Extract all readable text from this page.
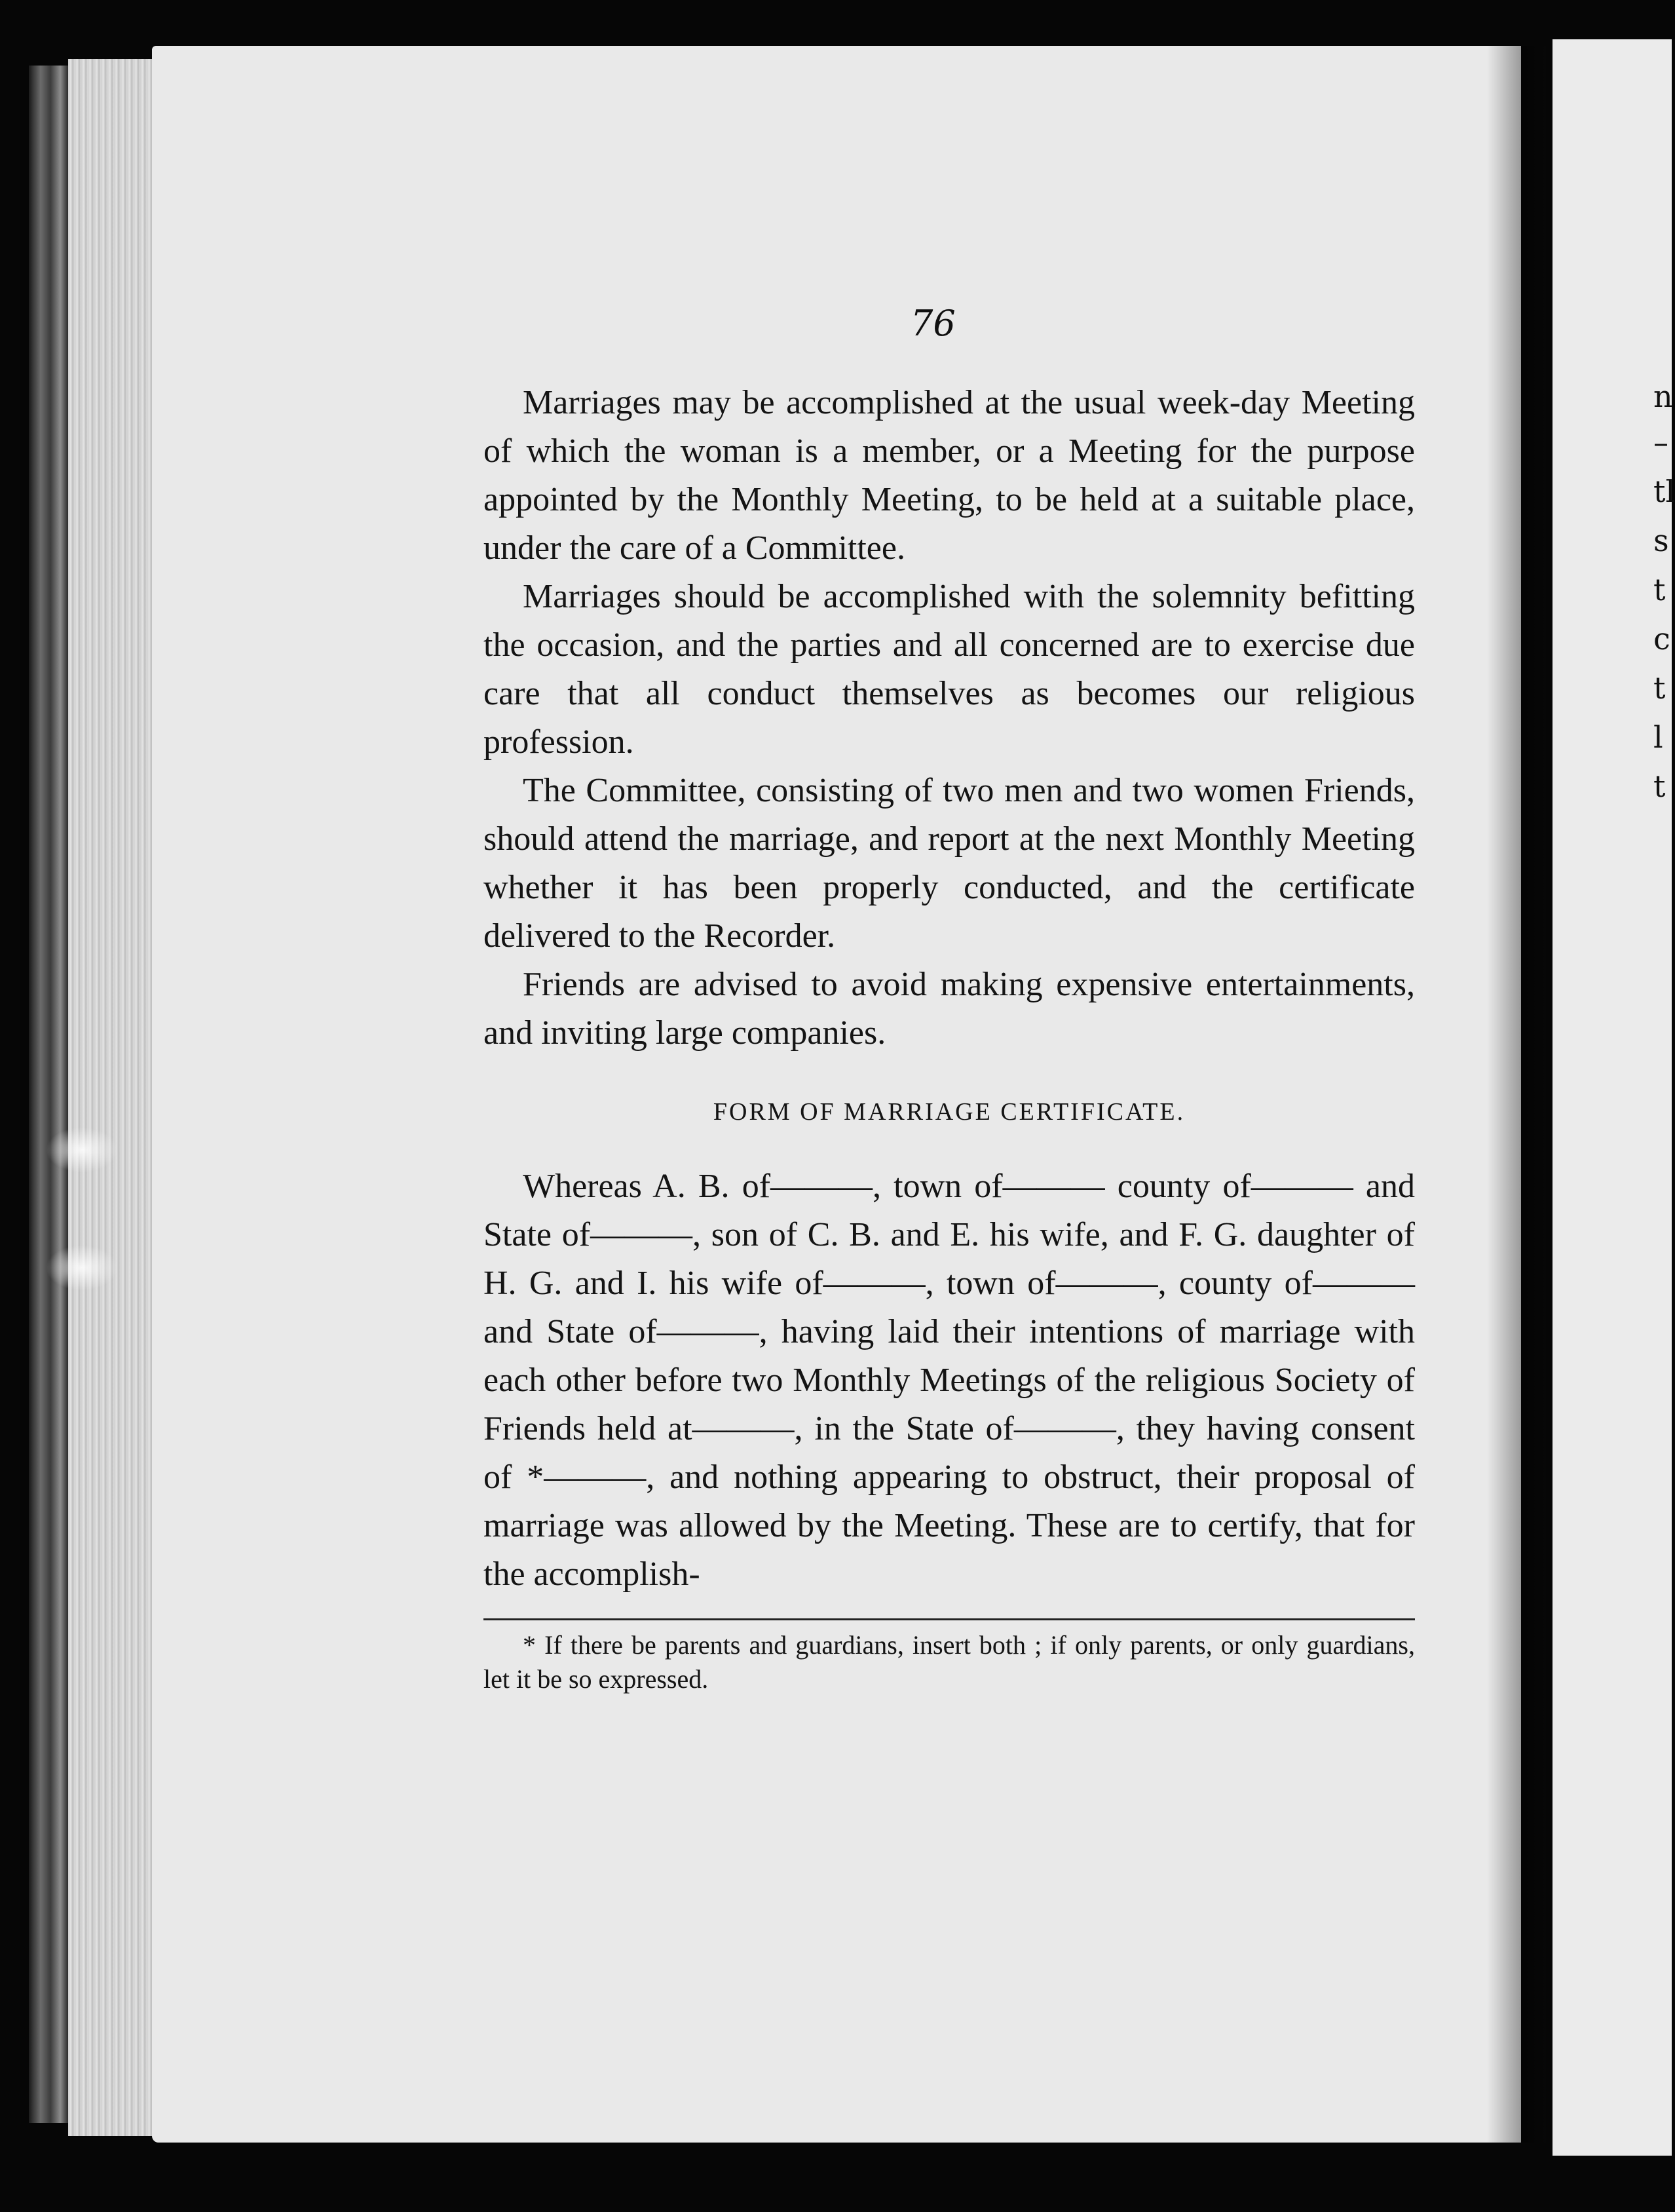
n
–
tl
s
t
c
t
l
t
76

Marriages may be accomplished at the usual week-day Meeting of which the woman is a member, or a Meeting for the purpose appointed by the Monthly Meeting, to be held at a suitable place, under the care of a Committee.

Marriages should be accomplished with the solemnity befitting the occasion, and the parties and all concerned are to exercise due care that all conduct themselves as becomes our religious profession.

The Committee, consisting of two men and two women Friends, should attend the marriage, and report at the next Monthly Meeting whether it has been properly conducted, and the certificate delivered to the Recorder.

Friends are advised to avoid making expensive entertainments, and inviting large companies.

FORM OF MARRIAGE CERTIFICATE.

Whereas A. B. of———, town of——— county of——— and State of———, son of C. B. and E. his wife, and F. G. daughter of H. G. and I. his wife of———, town of———, county of——— and State of———, having laid their intentions of marriage with each other before two Monthly Meetings of the religious Society of Friends held at———, in the State of———, they having consent of *———, and nothing appearing to obstruct, their proposal of marriage was allowed by the Meeting. These are to certify, that for the accomplish-

* If there be parents and guardians, insert both ; if only parents, or only guardians, let it be so expressed.
